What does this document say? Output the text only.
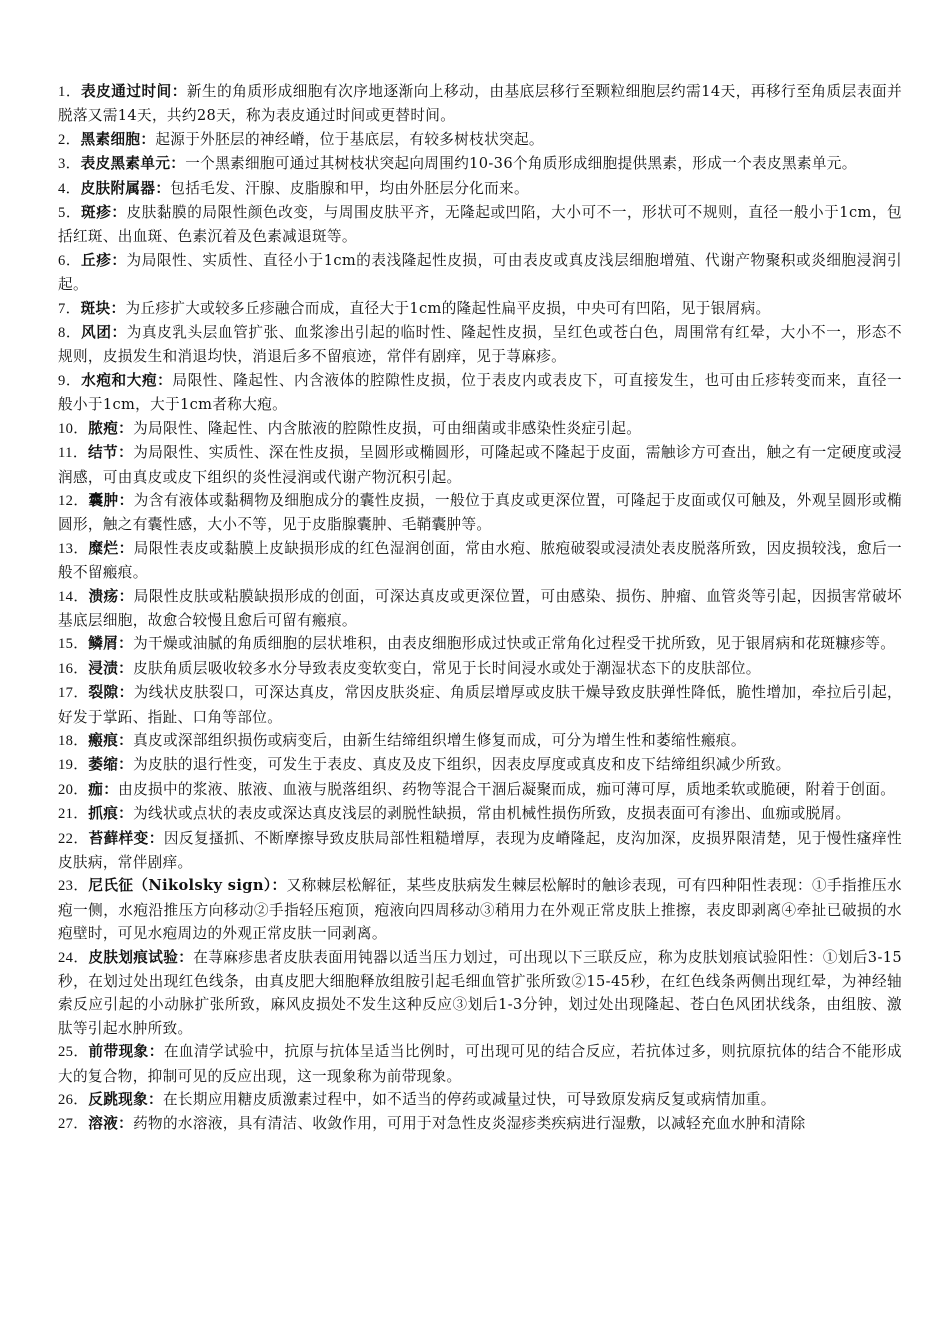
1．表皮通过时间：新生的角质形成细胞有次序地逐渐向上移动，由基底层移行至颗粒细胞层约需14天，再移行至角质层表面并脱落又需14天，共约28天，称为表皮通过时间或更替时间。

2．黑素细胞：起源于外胚层的神经嵴，位于基底层，有较多树枝状突起。

3．表皮黑素单元：一个黑素细胞可通过其树枝状突起向周围约10-36个角质形成细胞提供黑素，形成一个表皮黑素单元。

4．皮肤附属器：包括毛发、汗腺、皮脂腺和甲，均由外胚层分化而来。

5．斑疹：皮肤黏膜的局限性颜色改变，与周围皮肤平齐，无隆起或凹陷，大小可不一，形状可不规则，直径一般小于1cm，包括红斑、出血斑、色素沉着及色素减退斑等。

6．丘疹：为局限性、实质性、直径小于1cm的表浅隆起性皮损，可由表皮或真皮浅层细胞增殖、代谢产物聚积或炎细胞浸润引起。

7．斑块：为丘疹扩大或较多丘疹融合而成，直径大于1cm的隆起性扁平皮损，中央可有凹陷，见于银屑病。

8．风团：为真皮乳头层血管扩张、血浆渗出引起的临时性、隆起性皮损，呈红色或苍白色，周围常有红晕，大小不一，形态不规则，皮损发生和消退均快，消退后多不留痕迹，常伴有剧痒，见于荨麻疹。

9．水疱和大疱：局限性、隆起性、内含液体的腔隙性皮损，位于表皮内或表皮下，可直接发生，也可由丘疹转变而来，直径一般小于1cm，大于1cm者称大疱。

10．脓疱：为局限性、隆起性、内含脓液的腔隙性皮损，可由细菌或非感染性炎症引起。

11．结节：为局限性、实质性、深在性皮损，呈圆形或椭圆形，可隆起或不隆起于皮面，需触诊方可查出，触之有一定硬度或浸润感，可由真皮或皮下组织的炎性浸润或代谢产物沉积引起。

12．囊肿：为含有液体或黏稠物及细胞成分的囊性皮损，一般位于真皮或更深位置，可隆起于皮面或仅可触及，外观呈圆形或椭圆形，触之有囊性感，大小不等，见于皮脂腺囊肿、毛鞘囊肿等。

13．糜烂：局限性表皮或黏膜上皮缺损形成的红色湿润创面，常由水疱、脓疱破裂或浸渍处表皮脱落所致，因皮损较浅，愈后一般不留瘢痕。

14．溃疡：局限性皮肤或粘膜缺损形成的创面，可深达真皮或更深位置，可由感染、损伤、肿瘤、血管炎等引起，因损害常破坏基底层细胞，故愈合较慢且愈后可留有瘢痕。

15．鳞屑：为干燥或油腻的角质细胞的层状堆积，由表皮细胞形成过快或正常角化过程受干扰所致，见于银屑病和花斑糠疹等。

16．浸渍：皮肤角质层吸收较多水分导致表皮变软变白，常见于长时间浸水或处于潮湿状态下的皮肤部位。

17．裂隙：为线状皮肤裂口，可深达真皮，常因皮肤炎症、角质层增厚或皮肤干燥导致皮肤弹性降低，脆性增加，牵拉后引起，好发于掌跖、指趾、口角等部位。

18．瘢痕：真皮或深部组织损伤或病变后，由新生结缔组织增生修复而成，可分为增生性和萎缩性瘢痕。

19．萎缩：为皮肤的退行性变，可发生于表皮、真皮及皮下组织，因表皮厚度或真皮和皮下结缔组织减少所致。

20．痂：由皮损中的浆液、脓液、血液与脱落组织、药物等混合干涸后凝聚而成，痂可薄可厚，质地柔软或脆硬，附着于创面。

21．抓痕：为线状或点状的表皮或深达真皮浅层的剥脱性缺损，常由机械性损伤所致，皮损表面可有渗出、血痂或脱屑。

22．苔藓样变：因反复搔抓、不断摩擦导致皮肤局部性粗糙增厚，表现为皮嵴隆起，皮沟加深，皮损界限清楚，见于慢性瘙痒性皮肤病，常伴剧痒。

23．尼氏征（Nikolsky sign）：又称棘层松解征，某些皮肤病发生棘层松解时的触诊表现，可有四种阳性表现：①手指推压水疱一侧，水疱沿推压方向移动②手指轻压疱顶，疱液向四周移动③稍用力在外观正常皮肤上推擦，表皮即剥离④牵扯已破损的水疱壁时，可见水疱周边的外观正常皮肤一同剥离。

24．皮肤划痕试验：在荨麻疹患者皮肤表面用钝器以适当压力划过，可出现以下三联反应，称为皮肤划痕试验阳性：①划后3-15秒，在划过处出现红色线条，由真皮肥大细胞释放组胺引起毛细血管扩张所致②15-45秒，在红色线条两侧出现红晕，为神经轴索反应引起的小动脉扩张所致，麻风皮损处不发生这种反应③划后1-3分钟，划过处出现隆起、苍白色风团状线条，由组胺、激肽等引起水肿所致。

25．前带现象：在血清学试验中，抗原与抗体呈适当比例时，可出现可见的结合反应，若抗体过多，则抗原抗体的结合不能形成大的复合物，抑制可见的反应出现，这一现象称为前带现象。

26．反跳现象：在长期应用糖皮质激素过程中，如不适当的停药或减量过快，可导致原发病反复或病情加重。

27．溶液：药物的水溶液，具有清洁、收敛作用，可用于对急性皮炎湿疹类疾病进行湿敷，以减轻充血水肿和清除
